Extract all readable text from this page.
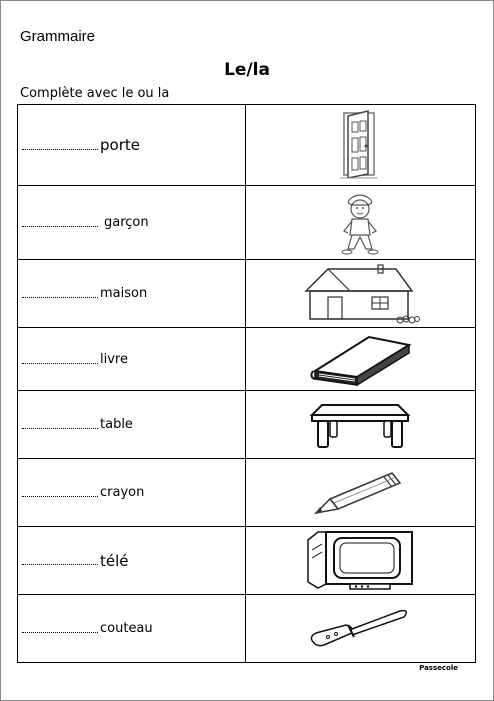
Grammaire
Le/la
Complète avec le ou la
porte

garçon

maison

livre

table

crayon

télé

couteau

Passecole
